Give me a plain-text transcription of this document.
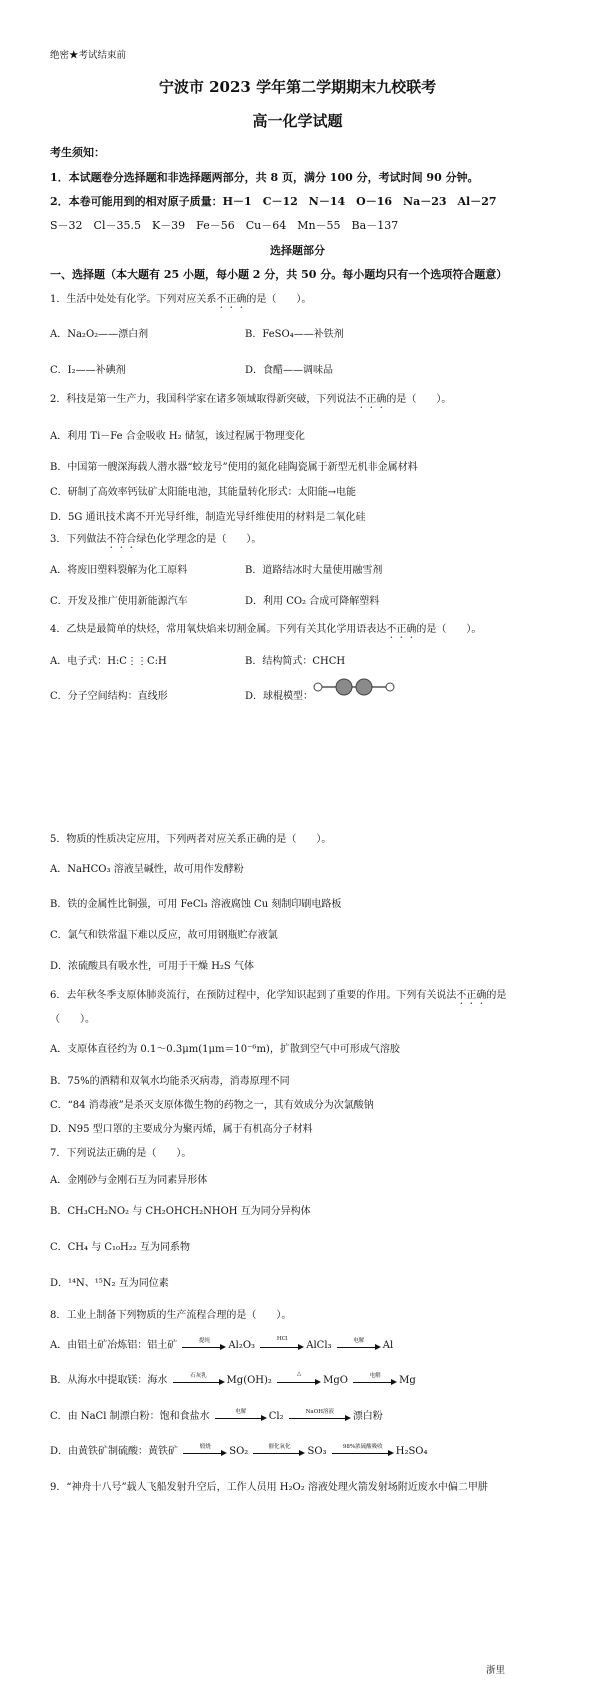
绝密★考试结束前
宁波市 2023 学年第二学期期末九校联考
高一化学试题
考生须知：
1．本试题卷分选择题和非选择题两部分，共 8 页，满分 100 分，考试时间 90 分钟。
2．本卷可能用到的相对原子质量：H－1　C－12　N－14　O－16　Na－23　Al－27
S－32　Cl－35.5　K－39　Fe－56　Cu－64　Mn－55　Ba－137
选择题部分
一、选择题（本大题有 25 小题，每小题 2 分，共 50 分。每小题均只有一个选项符合题意）
1．生活中处处有化学。下列对应关系不正确的是（　　）。
A．Na₂O₂——漂白剂	B．FeSO₄——补铁剂
C．I₂——补碘剂	D．食醋——调味品
2．科技是第一生产力，我国科学家在诸多领域取得新突破，下列说法不正确的是（　　）。
A．利用 Ti－Fe 合金吸收 H₂ 储氢，该过程属于物理变化
B．中国第一艘深海载人潜水器“蛟龙号”使用的氮化硅陶瓷属于新型无机非金属材料
C．研制了高效率钙钛矿太阳能电池，其能量转化形式：太阳能→电能
D．5G 通讯技术离不开光导纤维，制造光导纤维使用的材料是二氧化硅
3．下列做法不符合绿色化学理念的是（　　）。
A．将废旧塑料裂解为化工原料	B．道路结冰时大量使用融雪剂
C．开发及推广使用新能源汽车	D．利用 CO₂ 合成可降解塑料
4．乙炔是最简单的炔烃，常用氧炔焰来切割金属。下列有关其化学用语表达不正确的是（　　）。
A．电子式：H:C⋮⋮C:H	B．结构简式：CHCH
C．分子空间结构：直线形	D．球棍模型：
5．物质的性质决定应用，下列两者对应关系正确的是（　　）。
A．NaHCO₃ 溶液呈碱性，故可用作发酵粉
B．铁的金属性比铜强，可用 FeCl₃ 溶液腐蚀 Cu 刻制印刷电路板
C．氯气和铁常温下难以反应，故可用钢瓶贮存液氯
D．浓硫酸具有吸水性，可用于干燥 H₂S 气体
6．去年秋冬季支原体肺炎流行，在预防过程中，化学知识起到了重要的作用。下列有关说法不正确的是
（　　）。
A．支原体直径约为 0.1～0.3μm(1μm＝10⁻⁶m)，扩散到空气中可形成气溶胶
B．75%的酒精和双氧水均能杀灭病毒，消毒原理不同
C．“84 消毒液”是杀灭支原体微生物的药物之一，其有效成分为次氯酸钠
D．N95 型口罩的主要成分为聚丙烯，属于有机高分子材料
7．下列说法正确的是（　　）。
A．金刚砂与金刚石互为同素异形体
B．CH₃CH₂NO₂ 与 CH₂OHCH₂NHOH 互为同分异构体
C．CH₄ 与 C₁₀H₂₂ 互为同系物
D．¹⁴N、¹⁵N₂ 互为同位素
8．工业上制备下列物质的生产流程合理的是（　　）。
A．由铝土矿冶炼铝：铝土矿	提纯	Al₂O₃
HCl
AlCl₃	电解	Al
B．从海水中提取镁：海水	石灰乳	Mg(OH)₂
△
MgO	电解	Mg
C．由 NaCl 制漂白粉：饱和食盐水	电解	Cl₂	NaOH溶液	漂白粉
D．由黄铁矿制硫酸：黄铁矿	煅烧	SO₂	催化氧化	SO₃	98%浓硫酸吸收	H₂SO₄
9．“神舟十八号”载人飞船发射升空后，工作人员用 H₂O₂ 溶液处理火箭发射场附近废水中偏二甲肼
浙里
